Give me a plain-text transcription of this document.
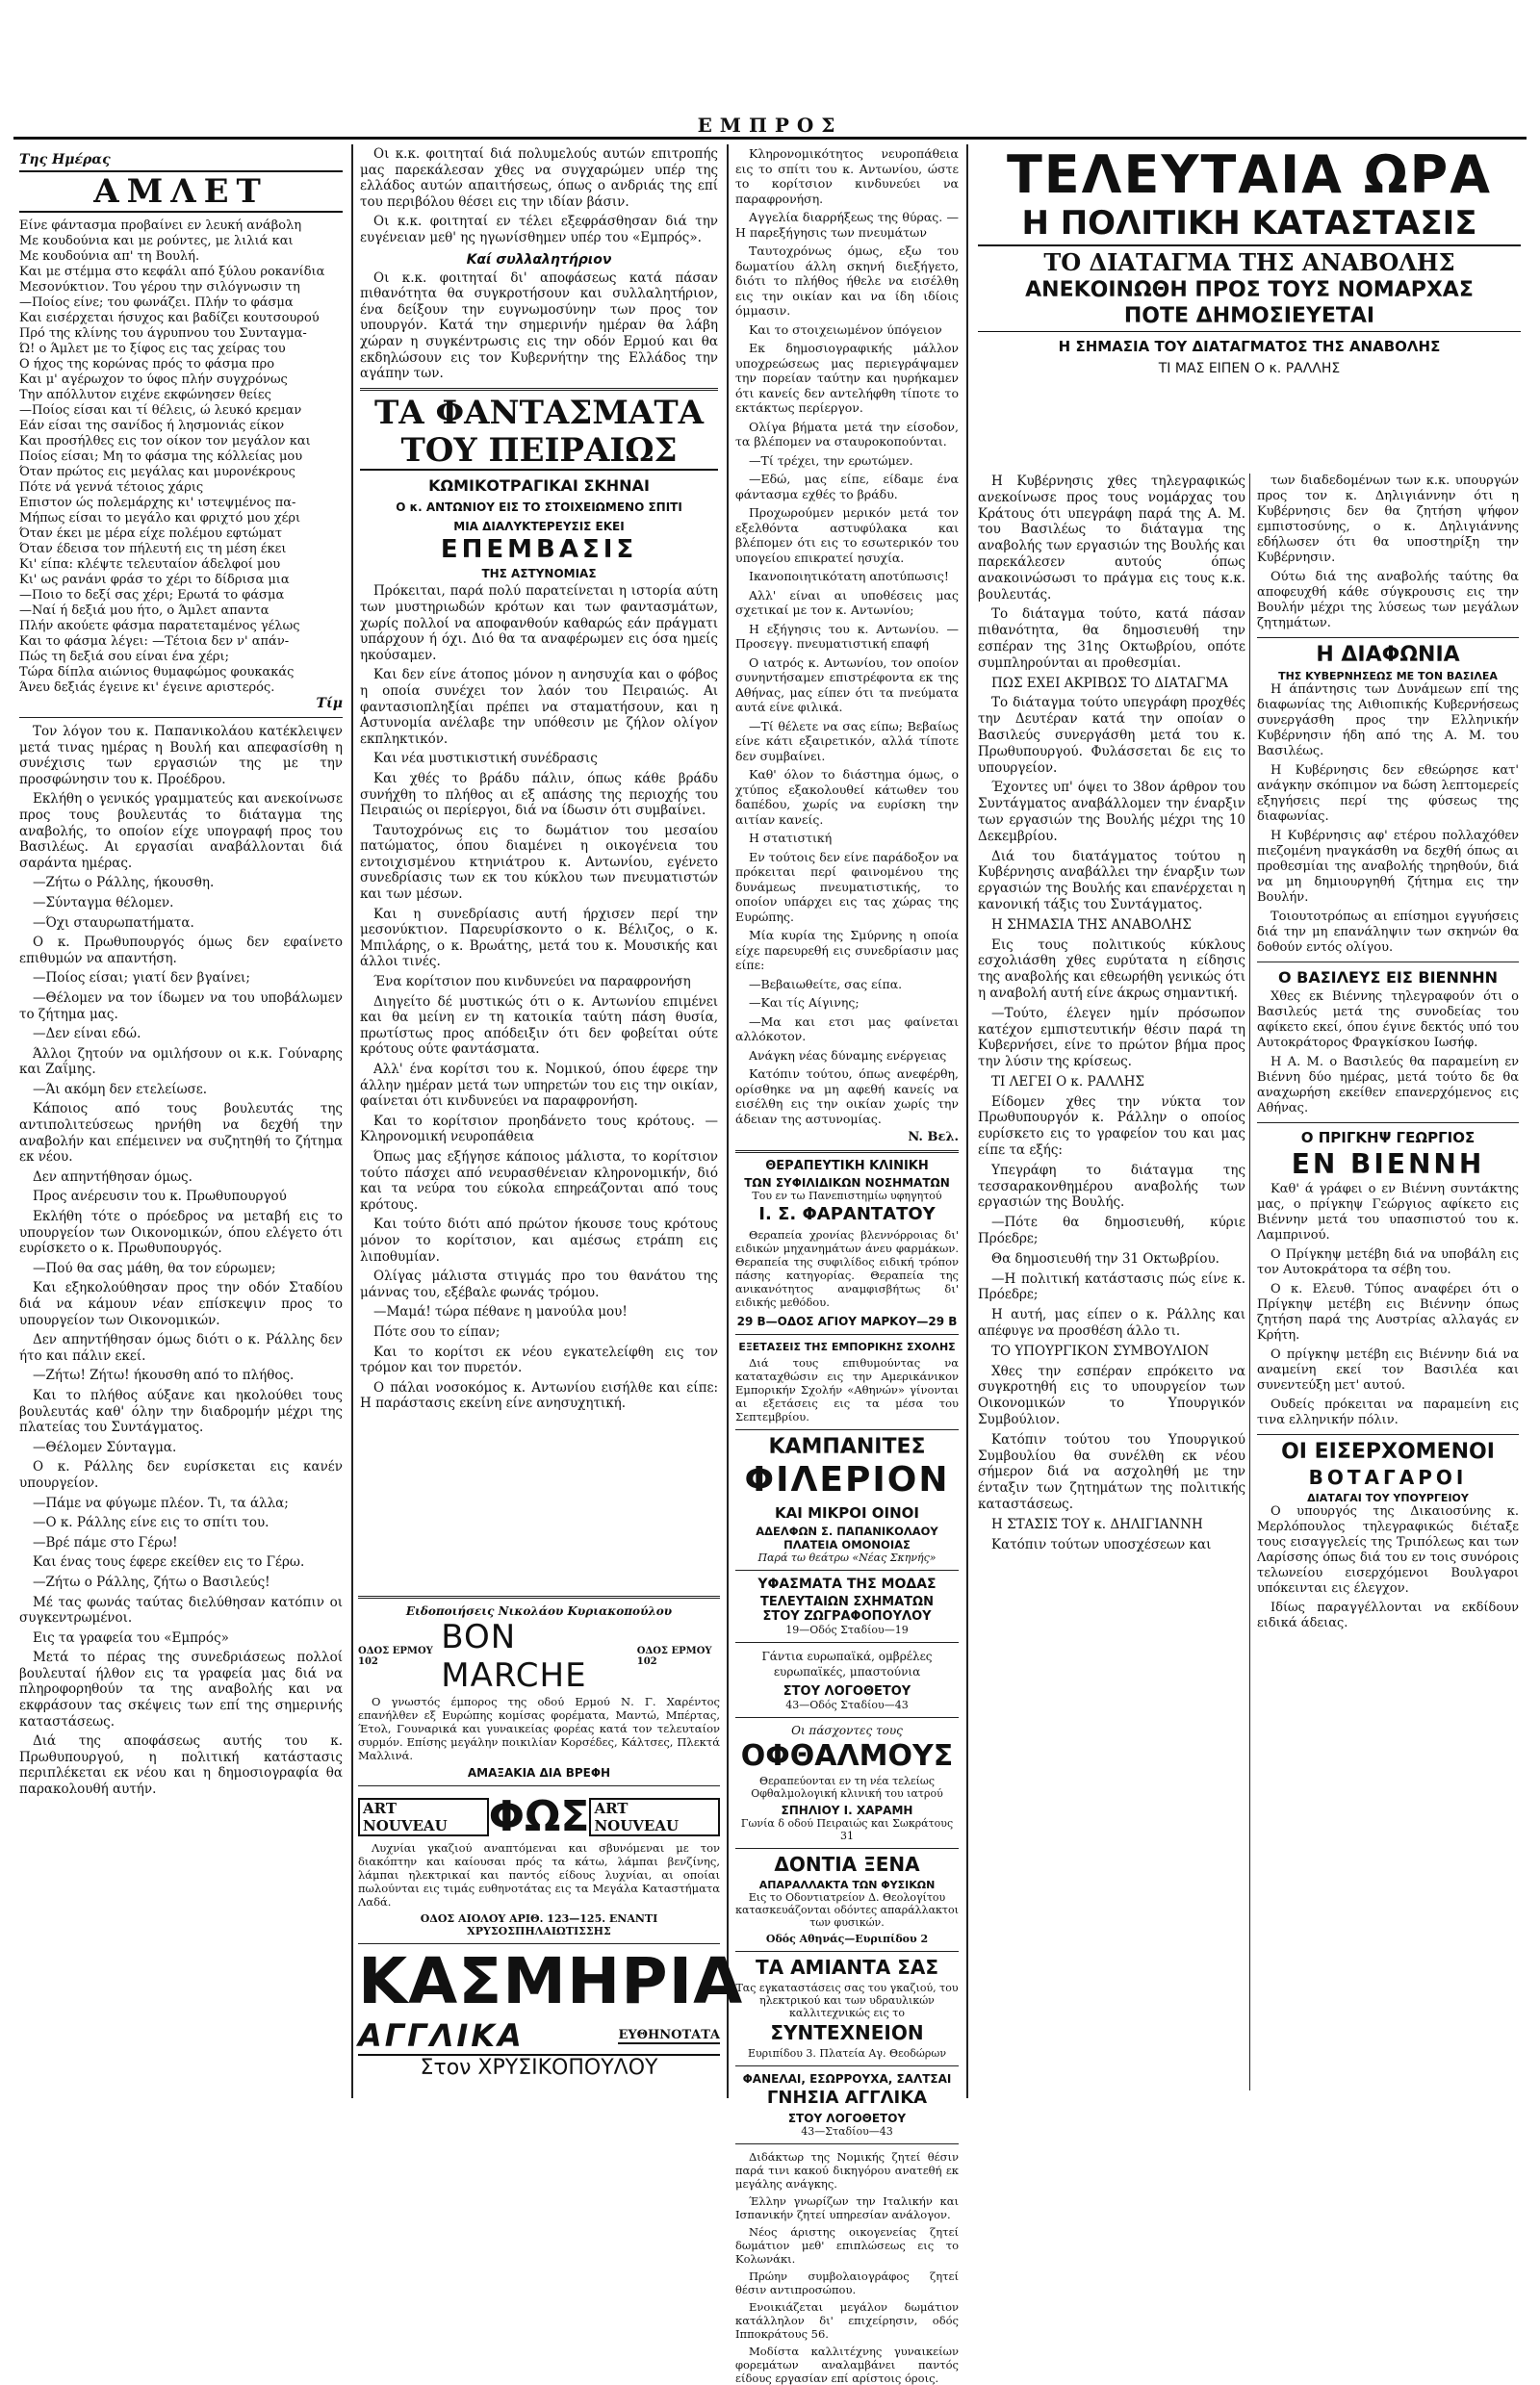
ΕΜΠΡΟΣ
Της Ημέρας
ΑΜΛΕΤ

Είνε φάντασμα προβαίνει εν λευκή ανάβολη

Με κουδούνια και με ρούντες, με λιλιά και

Με κουδούνια απ' τη Βουλή.

Και με στέμμα στο κεφάλι από ξύλου ροκανίδια

Μεσονύκτιον. Του γέρου την σιλόγνωσιν τη

—Ποίος είνε; του φωνάζει. Πλήν το φάσμα

Και εισέρχεται ήσυχος και βαδίζει κουτσουρού

Πρό της κλίνης του άγρυπνου του Συνταγμα-

Ώ! ο Άμλετ με το ξίφος εις τας χείρας του

Ο ήχος της κορώνας πρός το φάσμα προ

Και μ' αγέρωχον το ύφος πλήν συγχρόνως

Την απόλλυτον ειχένε εκφώνησεν θείες

—Ποίος είσαι και τί θέλεις, ώ λευκό κρεμαν

Εάν είσαι της σανίδος ή λησμονιάς είκον

Και προσήλθες εις τον οίκον τον μεγάλον και

Ποίος είσαι; Μη το φάσμα της κόλλείας μου

Όταν πρώτος εις μεγάλας και μυρονέκρους

Πότε νά γεννά τέτοιος χάρις

Επιστον ώς πολεμάρχης κι' ιστεψμένος πα-

Μήπως είσαι το μεγάλο και φριχτό μου χέρι

Όταν έκει με μέρα είχε πολέμου εφτώματ

Όταν έδεισα τον πήλευτή εις τη μέση έκει

Κι' είπα: κλέψτε τελευταίον άδελφοί μου

Κι' ως ρανάνι φράσ το χέρι το δίδρισα μια

—Ποιο το δεξί σας χέρι; Ερωτά το φάσμα

—Ναί ή δεξιά μου ήτο, ο Άμλετ απαντα

Πλήν ακούετε φάσμα παρατεταμένος γέλως

Και το φάσμα λέγει: —Τέτοια δεν ν' απάν-

Πώς τη δεξιά σου είναι ένα χέρι;

Τώρα δίπλα αιώνιος θυμαφώμος φουκακάς

Άνευ δεξιάς έγεινε κι' έγεινε αριστερός.

Τίμ

Τον λόγον του κ. Παπανικολάου κατέκλειψεν μετά τινας ημέρας η Βουλή και απεφασίσθη η συνέχισις των εργασιών της με την προσφώνησιν του κ. Προέδρου.

Εκλήθη ο γενικός γραμματεύς και ανεκοίνωσε προς τους βουλευτάς το διάταγμα της αναβολής, το οποίον είχε υπογραφή προς του Βασιλέως. Αι εργασίαι αναβάλλονται διά σαράντα ημέρας.

—Ζήτω ο Ράλλης, ήκουσθη.

—Σύνταγμα θέλομεν.

—Όχι σταυρωπατήματα.

Ο κ. Πρωθυπουργός όμως δεν εφαίνετο επιθυμών να απαντήση.

—Ποίος είσαι; γιατί δεν βγαίνει;

—Θέλομεν να τον ίδωμεν να του υποβάλωμεν το ζήτημα μας.

—Δεν είναι εδώ.

Άλλοι ζητούν να ομιλήσουν οι κ.κ. Γούναρης και Ζαΐμης.

—Άι ακόμη δεν ετελείωσε.

Κάποιος από τους βουλευτάς της αντιπολιτεύσεως ηρνήθη να δεχθή την αναβολήν και επέμεινεν να συζητηθή το ζήτημα εκ νέου.

Δεν απηντήθησαν όμως.

Προς ανέρευσιν του κ. Πρωθυπουργού

Εκλήθη τότε ο πρόεδρος να μεταβή εις το υπουργείον των Οικονομικών, όπου ελέγετο ότι ευρίσκετο ο κ. Πρωθυπουργός.

—Πού θα σας μάθη, θα τον εύρωμεν;

Και εξηκολούθησαν προς την οδόν Σταδίου διά να κάμουν νέαν επίσκεψιν προς το υπουργείον των Οικονομικών.

Δεν απηντήθησαν όμως διότι ο κ. Ράλλης δεν ήτο και πάλιν εκεί.

—Ζήτω! Ζήτω! ήκουσθη από το πλήθος.

Και το πλήθος αύξανε και ηκολούθει τους βουλευτάς καθ' όλην την διαδρομήν μέχρι της πλατείας του Συντάγματος.

—Θέλομεν Σύνταγμα.

Ο κ. Ράλλης δεν ευρίσκεται εις κανέν υπουργείον.

—Πάμε να φύγωμε πλέον. Τι, τα άλλα;

—Ο κ. Ράλλης είνε εις το σπίτι του.

—Βρέ πάμε στο Γέρω!

Και ένας τους έφερε εκείθεν εις το Γέρω.

—Ζήτω ο Ράλλης, ζήτω ο Βασιλεύς!

Μέ τας φωνάς ταύτας διελύθησαν κατόπιν οι συγκεντρωμένοι.

Εις τα γραφεία του «Εμπρός»

Μετά το πέρας της συνεδριάσεως πολλοί βουλευταί ήλθον εις τα γραφεία μας διά να πληροφορηθούν τα της αναβολής και να εκφράσουν τας σκέψεις των επί της σημερινής καταστάσεως.

Διά της αποφάσεως αυτής του κ. Πρωθυπουργού, η πολιτική κατάστασις περιπλέκεται εκ νέου και η δημοσιογραφία θα παρακολουθή αυτήν.

Οι κ.κ. φοιτηταί διά πολυμελούς αυτών επιτροπής μας παρεκάλεσαν χθες να συγχαρώμεν υπέρ της ελλάδος αυτών απαιτήσεως, όπως ο ανδριάς της επί του περιβόλου θέσει εις την ιδίαν βάσιν.

Οι κ.κ. φοιτηταί εν τέλει εξεφράσθησαν διά την ευγένειαν μεθ' ης ηγωνίσθημεν υπέρ του «Εμπρός».

Καί συλλαλητήριον

Οι κ.κ. φοιτηταί δι' αποφάσεως κατά πάσαν πιθανότητα θα συγκροτήσουν και συλλαλητήριον, ένα δείξουν την ευγνωμοσύνην των προς τον υπουργόν. Κατά την σημερινήν ημέραν θα λάβη χώραν η συγκέντρωσις εις την οδόν Ερμού και θα εκδηλώσουν εις τον Κυβερνήτην της Ελλάδος την αγάπην των.

ΤΑ ΦΑΝΤΑΣΜΑΤΑ
ΤΟΥ ΠΕΙΡΑΙΩΣ
ΚΩΜΙΚΟΤΡΑΓΙΚΑΙ ΣΚΗΝΑΙ
Ο κ. ΑΝΤΩΝΙΟΥ ΕΙΣ ΤΟ ΣΤΟΙΧΕΙΩΜΕΝΟ ΣΠΙΤΙ
ΜΙΑ ΔΙΑΛΥΚΤΕΡΕΥΣΙΣ ΕΚΕΙ
ΕΠΕΜΒΑΣΙΣ
ΤΗΣ ΑΣΤΥΝΟΜΙΑΣ

Πρόκειται, παρά πολύ παρατείνεται η ιστορία αύτη των μυστηριωδών κρότων και των φαντασμάτων, χωρίς πολλοί να αποφανθούν καθαρώς εάν πράγματι υπάρχουν ή όχι. Διό θα τα αναφέρωμεν εις όσα ημείς ηκούσαμεν.

Και δεν είνε άτοπος μόνον η ανησυχία και ο φόβος η οποία συνέχει τον λαόν του Πειραιώς. Αι φαντασιοπληξίαι πρέπει να σταματήσουν, και η Αστυνομία ανέλαβε την υπόθεσιν με ζήλον ολίγον εκπληκτικόν.

Και νέα μυστικιστική συνέδρασις

Και χθές το βράδυ πάλιν, όπως κάθε βράδυ συνήχθη το πλήθος αι εξ απάσης της περιοχής του Πειραιώς οι περίεργοι, διά να ίδωσιν ότι συμβαίνει.

Ταυτοχρόνως εις το δωμάτιον του μεσαίου πατώματος, όπου διαμένει η οικογένεια του εντοιχισμένου κτηνιάτρου κ. Αντωνίου, εγένετο συνεδρίασις των εκ του κύκλου των πνευματιστών και των μέσων.

Και η συνεδρίασις αυτή ήρχισεν περί την μεσονύκτιον. Παρευρίσκοντο ο κ. Βέλιζος, ο κ. Μπιλάρης, ο κ. Βρωάτης, μετά του κ. Μουσικής και άλλοι τινές.

Ένα κορίτσιον που κινδυνεύει να παραφρονήση

Διηγείτο δέ μυστικώς ότι ο κ. Αντωνίου επιμένει και θα μείνη εν τη κατοικία ταύτη πάση θυσία, πρωτίστως προς απόδειξιν ότι δεν φοβείται ούτε κρότους ούτε φαντάσματα.

Αλλ' ένα κορίτσι του κ. Νομικού, όπου έφερε την άλλην ημέραν μετά των υπηρετών του εις την οικίαν, φαίνεται ότι κινδυνεύει να παραφρονήση.

Και το κορίτσιον προηδάνετο τους κρότους. — Κληρονομική νευροπάθεια

Όπως μας εξήγησε κάποιος μάλιστα, το κορίτσιον τούτο πάσχει από νευρασθένειαν κληρονομικήν, διό και τα νεύρα του εύκολα επηρεάζονται από τους κρότους.

Και τούτο διότι από πρώτον ήκουσε τους κρότους μόνον το κορίτσιον, και αμέσως ετράπη εις λιποθυμίαν.

Ολίγας μάλιστα στιγμάς προ του θανάτου της μάννας του, εξέβαλε φωνάς τρόμου.

—Μαμά! τώρα πέθανε η μανούλα μου!

Πότε σου το είπαν;

Και το κορίτσι εκ νέου εγκατελείφθη εις τον τρόμον και τον πυρετόν.

Ο πάλαι νοσοκόμος κ. Αντωνίου εισήλθε και είπε: Η παράστασις εκείνη είνε ανησυχητική.

Κληρονομικότητος νευροπάθεια εις το σπίτι του κ. Αντωνίου, ώστε το κορίτσιον κινδυνεύει να παραφρονήση.

Αγγελία διαρρήξεως της θύρας. — Η παρεξήγησις των πνευμάτων

Ταυτοχρόνως όμως, εξω του δωματίου άλλη σκηνή διεξήγετο, διότι το πλήθος ήθελε να εισέλθη εις την οικίαν και να ίδη ιδίοις όμμασιν.

Και το στοιχειωμένον ύπόγειον

Εκ δημοσιογραφικής μάλλον υποχρεώσεως μας περιεγράψαμεν την πορείαν ταύτην και ηυρήκαμεν ότι κανείς δεν αντελήφθη τίποτε το εκτάκτως περίεργον.

Ολίγα βήματα μετά την είσοδον, τα βλέπομεν να σταυροκοπούνται.

—Τί τρέχει, την ερωτώμεν.

—Εδώ, μας είπε, είδαμε ένα φάντασμα εχθές το βράδυ.

Προχωρούμεν μερικόν μετά τον εξελθόντα αστυφύλακα και βλέπομεν ότι εις το εσωτερικόν του υπογείου επικρατεί ησυχία.

Ικανοποιητικότατη αποτύπωσις!

Αλλ' είναι αι υποθέσεις μας σχετικαί με τον κ. Αντωνίου;

Η εξήγησις του κ. Αντωνίου. — Προσεγγ. πνευματιστική επαφή

Ο ιατρός κ. Αντωνίου, τον οποίον συνηντήσαμεν επιστρέφοντα εκ της Αθήνας, μας είπεν ότι τα πνεύματα αυτά είνε φιλικά.

—Τί θέλετε να σας είπω; Βεβαίως είνε κάτι εξαιρετικόν, αλλά τίποτε δεν συμβαίνει.

Καθ' όλον το διάστημα όμως, ο χτύπος εξακολουθεί κάτωθεν του δαπέδου, χωρίς να ευρίσκη την αιτίαν κανείς.

Η στατιστική

Εν τούτοις δεν είνε παράδοξον να πρόκειται περί φαινομένου της δυνάμεως πνευματιστικής, το οποίον υπάρχει εις τας χώρας της Ευρώπης.

Μία κυρία της Σμύρνης η οποία είχε παρευρεθή εις συνεδρίασιν μας είπε:

—Βεβαιωθείτε, σας είπα.

—Και τίς Αίγινης;

—Μα και ετσι μας φαίνεται αλλόκοτον.

Ανάγκη νέας δύναμης ενέργειας

Κατόπιν τούτου, όπως ανεφέρθη, ορίσθηκε να μη αφεθή κανείς να εισέλθη εις την οικίαν χωρίς την άδειαν της αστυνομίας.

N. Βελ.
ΘΕΡΑΠΕΥΤΙΚΗ ΚΛΙΝΙΚΗ
ΤΩΝ ΣΥΦΙΛΙΔΙΚΩΝ ΝΟΣΗΜΑΤΩΝ
Του εν τω Πανεπιστημίω υφηγητού
Ι. Σ. ΦΑΡΑΝΤΑΤΟΥ

Θεραπεία χρονίας βλεννόρροιας δι' ειδικών μηχανημάτων άνευ φαρμάκων. Θεραπεία της συφιλίδος ειδική τρόπον πάσης κατηγορίας. Θεραπεία της ανικανότητος αναμφισβήτως δι' ειδικής μεθόδου.

29 Β—ΟΔΟΣ ΑΓΙΟΥ ΜΑΡΚΟΥ—29 Β
ΕΞΕΤΑΣΕΙΣ ΤΗΣ ΕΜΠΟΡΙΚΗΣ ΣΧΟΛΗΣ

Διά τους επιθυμούντας να καταταχθώσιν εις την Αμερικάνικον Εμπορικήν Σχολήν «Αθηνών» γίνονται αι εξετάσεις εις τα μέσα του Σεπτεμβρίου.

ΚΑΜΠΑΝΙΤΕΣ
ΦΙΛΕΡΙΟΝ
ΚΑΙ ΜΙΚΡΟΙ ΟΙΝΟΙ
ΑΔΕΛΦΩΝ Σ. ΠΑΠΑΝΙΚΟΛΑΟΥ
ΠΛΑΤΕΙΑ ΟΜΟΝΟΙΑΣ
Παρά τω θεάτρω «Νέας Σκηνής»
ΥΦΑΣΜΑΤΑ ΤΗΣ ΜΟΔΑΣ
ΤΕΛΕΥΤΑΙΩΝ ΣΧΗΜΑΤΩΝ
ΣΤΟΥ ΖΩΓΡΑΦΟΠΟΥΛΟΥ
19—Οδός Σταδίου—19

Γάντια ευρωπαϊκά, ομβρέλες ευρωπαϊκές, μπαστούνια

ΣΤΟΥ ΛΟΓΟΘΕΤΟΥ
43—Οδός Σταδίου—43
Οι πάσχοντες τους
ΟΦΘΑΛΜΟΥΣ

Θεραπεύονται εν τη νέα τελείως Οφθαλμολογική κλινική του ιατρού

ΣΠΗΛΙΟΥ Ι. ΧΑΡΑΜΗ
Γωνία δ οδού Πειραιώς και Σωκράτους 31
ΔΟΝΤΙΑ ΞΕΝΑ
ΑΠΑΡΑΛΛΑΚΤΑ ΤΩΝ ΦΥΣΙΚΩΝ

Εις το Οδοντιατρείον Δ. Θεολογίτου κατασκευάζονται οδόντες απαράλλακτοι των φυσικών.

Οδός Αθηνάς—Ευριπίδου 2
ΤΑ ΑΜΙΑΝΤΑ ΣΑΣ

Τας εγκαταστάσεις σας του γκαζιού, του ηλεκτρικού και των υδραυλικών καλλιτεχνικώς εις το

ΣΥΝΤΕΧΝΕΙΟΝ
Ευριπίδου 3. Πλατεία Αγ. Θεοδώρων
ΦΑΝΕΛΑΙ, ΕΣΩΡΡΟΥΧΑ, ΣΑΛΤΣΑΙ
ΓΝΗΣΙΑ ΑΓΓΛΙΚΑ
ΣΤΟΥ ΛΟΓΟΘΕΤΟΥ
43—Σταδίου—43

Διδάκτωρ της Νομικής ζητεί θέσιν παρά τινι κακού δικηγόρου ανατεθή εκ μεγάλης ανάγκης.

Έλλην γνωρίζων την Ιταλικήν και Ισπανικήν ζητεί υπηρεσίαν ανάλογον.

Νέος άριστης οικογενείας ζητεί δωμάτιον μεθ' επιπλώσεως εις το Κολωνάκι.

Πρώην συμβολαιογράφος ζητεί θέσιν αντιπροσώπου.

Ενοικιάζεται μεγάλον δωμάτιον κατάλληλον δι' επιχείρησιν, οδός Ιπποκράτους 56.

Μοδίστα καλλιτέχνης γυναικείων φορεμάτων αναλαμβάνει παντός είδους εργασίαν επί αρίστοις όροις.

ΤΕΛΕΥΤΑΙΑ ΩΡΑ
Η ΠΟΛΙΤΙΚΗ ΚΑΤΑΣΤΑΣΙΣ
ΤΟ ΔΙΑΤΑΓΜΑ ΤΗΣ ΑΝΑΒΟΛΗΣ
ΑΝΕΚΟΙΝΩΘΗ ΠΡΟΣ ΤΟΥΣ ΝΟΜΑΡΧΑΣ
ΠΟΤΕ ΔΗΜΟΣΙΕΥΕΤΑΙ
Η ΣΗΜΑΣΙΑ ΤΟΥ ΔΙΑΤΑΓΜΑΤΟΣ ΤΗΣ ΑΝΑΒΟΛΗΣ
ΤΙ ΜΑΣ ΕΙΠΕΝ Ο κ. ΡΑΛΛΗΣ

Η Κυβέρνησις χθες τηλεγραφικώς ανεκοίνωσε προς τους νομάρχας του Κράτους ότι υπεγράφη παρά της Α. Μ. του Βασιλέως το διάταγμα της αναβολής των εργασιών της Βουλής και παρεκάλεσεν αυτούς όπως ανακοινώσωσι το πράγμα εις τους κ.κ. βουλευτάς.

Το διάταγμα τούτο, κατά πάσαν πιθανότητα, θα δημοσιευθή την εσπέραν της 31ης Οκτωβρίου, οπότε συμπληρούνται αι προθεσμίαι.

ΠΩΣ ΕΧΕΙ ΑΚΡΙΒΩΣ ΤΟ ΔΙΑΤΑΓΜΑ

Το διάταγμα τούτο υπεγράφη προχθές την Δευτέραν κατά την οποίαν ο Βασιλεύς συνεργάσθη μετά του κ. Πρωθυπουργού. Φυλάσσεται δε εις το υπουργείον.

Έχοντες υπ' όψει το 38ον άρθρον του Συντάγματος αναβάλλομεν την έναρξιν των εργασιών της Βουλής μέχρι της 10 Δεκεμβρίου.

Διά του διατάγματος τούτου η Κυβέρνησις αναβάλλει την έναρξιν των εργασιών της Βουλής και επανέρχεται η κανονική τάξις του Συντάγματος.

Η ΣΗΜΑΣΙΑ ΤΗΣ ΑΝΑΒΟΛΗΣ

Εις τους πολιτικούς κύκλους εσχολιάσθη χθες ευρύτατα η είδησις της αναβολής και εθεωρήθη γενικώς ότι η αναβολή αυτή είνε άκρως σημαντική.

—Τούτο, έλεγεν ημίν πρόσωπον κατέχον εμπιστευτικήν θέσιν παρά τη Κυβερνήσει, είνε το πρώτον βήμα προς την λύσιν της κρίσεως.

ΤΙ ΛΕΓΕΙ Ο κ. ΡΑΛΛΗΣ

Είδομεν χθες την νύκτα τον Πρωθυπουργόν κ. Ράλλην ο οποίος ευρίσκετο εις το γραφείον του και μας είπε τα εξής:

Υπεγράφη το διάταγμα της τεσσαρακονθημέρου αναβολής των εργασιών της Βουλής.

—Πότε θα δημοσιευθή, κύριε Πρόεδρε;

Θα δημοσιευθή την 31 Οκτωβρίου.

—Η πολιτική κατάστασις πώς είνε κ. Πρόεδρε;

Η αυτή, μας είπεν ο κ. Ράλλης και απέφυγε να προσθέση άλλο τι.

ΤΟ ΥΠΟΥΡΓΙΚΟΝ ΣΥΜΒΟΥΛΙΟΝ

Χθες την εσπέραν επρόκειτο να συγκροτηθή εις το υπουργείον των Οικονομικών το Υπουργικόν Συμβούλιον.

Κατόπιν τούτου του Υπουργικού Συμβουλίου θα συνέλθη εκ νέου σήμερον διά να ασχοληθή με την ένταξιν των ζητημάτων της πολιτικής καταστάσεως.

Η ΣΤΑΣΙΣ ΤΟΥ κ. ΔΗΛΙΓΙΑΝΝΗ

Κατόπιν τούτων υποσχέσεων και

των διαδεδομένων των κ.κ. υπουργών προς τον κ. Δηλιγιάννην ότι η Κυβέρνησις δεν θα ζητήση ψήφον εμπιστοσύνης, ο κ. Δηλιγιάννης εδήλωσεν ότι θα υποστηρίξη την Κυβέρνησιν.

Ούτω διά της αναβολής ταύτης θα αποφευχθή κάθε σύγκρουσις εις την Βουλήν μέχρι της λύσεως των μεγάλων ζητημάτων.

Η ΔΙΑΦΩΝΙΑ
ΤΗΣ ΚΥΒΕΡΝΗΣΕΩΣ ΜΕ ΤΟΝ ΒΑΣΙΛΕΑ

Η άπάντησις των Δυνάμεων επί της διαφωνίας της Αιθιοπικής Κυβερνήσεως συνεργάσθη προς την Ελληνικήν Κυβέρνησιν ήδη από της Α. Μ. του Βασιλέως.

Η Κυβέρνησις δεν εθεώρησε κατ' ανάγκην σκόπιμον να δώση λεπτομερείς εξηγήσεις περί της φύσεως της διαφωνίας.

Η Κυβέρνησις αφ' ετέρου πολλαχόθεν πιεζομένη ηναγκάσθη να δεχθή όπως αι προθεσμίαι της αναβολής τηρηθούν, διά να μη δημιουργηθή ζήτημα εις την Βουλήν.

Τοιουτοτρόπως αι επίσημοι εγγυήσεις διά την μη επανάληψιν των σκηνών θα δοθούν εντός ολίγου.

Ο ΒΑΣΙΛΕΥΣ ΕΙΣ ΒΙΕΝΝΗΝ

Χθες εκ Βιέννης τηλεγραφούν ότι ο Βασιλεύς μετά της συνοδείας του αφίκετο εκεί, όπου έγινε δεκτός υπό του Αυτοκράτορος Φραγκίσκου Ιωσήφ.

Η Α. Μ. ο Βασιλεύς θα παραμείνη εν Βιέννη δύο ημέρας, μετά τούτο δε θα αναχωρήση εκείθεν επανερχόμενος εις Αθήνας.

Ο ΠΡΙΓΚΗΨ ΓΕΩΡΓΙΟΣ
ΕΝ ΒΙΕΝΝΗ

Καθ' ά γράφει ο εν Βιέννη συντάκτης μας, ο πρίγκηψ Γεώργιος αφίκετο εις Βιέννην μετά του υπασπιστού του κ. Λαμπρινού.

Ο Πρίγκηψ μετέβη διά να υποβάλη εις τον Αυτοκράτορα τα σέβη του.

Ο κ. Ελευθ. Τύπος αναφέρει ότι ο Πρίγκηψ μετέβη εις Βιέννην όπως ζητήση παρά της Αυστρίας αλλαγάς εν Κρήτη.

Ο πρίγκηψ μετέβη εις Βιέννην διά να αναμείνη εκεί τον Βασιλέα και συνεντεύξη μετ' αυτού.

Ουδείς πρόκειται να παραμείνη εις τινα ελληνικήν πόλιν.

ΟΙ ΕΙΣΕΡΧΟΜΕΝΟΙ
ΒΟΤΑΓΑΡΟΙ
ΔΙΑΤΑΓΑΙ ΤΟΥ ΥΠΟΥΡΓΕΙΟΥ

Ο υπουργός της Δικαιοσύνης κ. Μερλόπουλος τηλεγραφικώς διέταξε τους εισαγγελείς της Τριπόλεως και των Λαρίσσης όπως διά του εν τοις συνόροις τελωνείου εισερχόμενοι Βουλγαροι υπόκεινται εις έλεγχον.

Ιδίως παραγγέλλονται να εκδίδουν ειδικά άδειας.

Ειδοποιήσεις Νικολάου Κυριακοπούλου
ΟΔΟΣ ΕΡΜΟΥ 102
BON MARCHE
ΟΔΟΣ ΕΡΜΟΥ 102

Ο γνωστός έμπορος της οδού Ερμού Ν. Γ. Χαρέντος επανήλθεν εξ Ευρώπης κομίσας φορέματα, Μαντώ, Μπέρτας, Έτολ, Γουναρικά και γυναικείας φορέας κατά τον τελευταίον συρμόν. Επίσης μεγάλην ποικιλίαν Κορσέδες, Κάλτσες, Πλεκτά Μαλλινά.

ΑΜΑΞΑΚΙΑ ΔΙΑ ΒΡΕΦΗ
ART NOUVEAU ΦΩΣ ART NOUVEAU

Λυχνίαι γκαζιού αναπτόμεναι και σβυνόμεναι με τον διακόπτην και καίουσαι πρός τα κάτω, λάμπαι βενζίνης, λάμπαι ηλεκτρικαί και παντός είδους λυχνίαι, αι οποίαι πωλούνται εις τιμάς ευθηνοτάτας εις τα Μεγάλα Καταστήματα Λαδά.

ΟΔΟΣ ΑΙΟΛΟΥ ΑΡΙΘ. 123—125. ΕΝΑΝΤΙ ΧΡΥΣΟΣΠΗΛΑΙΩΤΙΣΣΗΣ
ΚΑΣΜΗΡΙΑ
ΑΓΓΛΙΚΑ	ΕΥΘΗΝΟΤΑΤΑ
Στον ΧΡΥΣΙΚΟΠΟΥΛΟΥ
